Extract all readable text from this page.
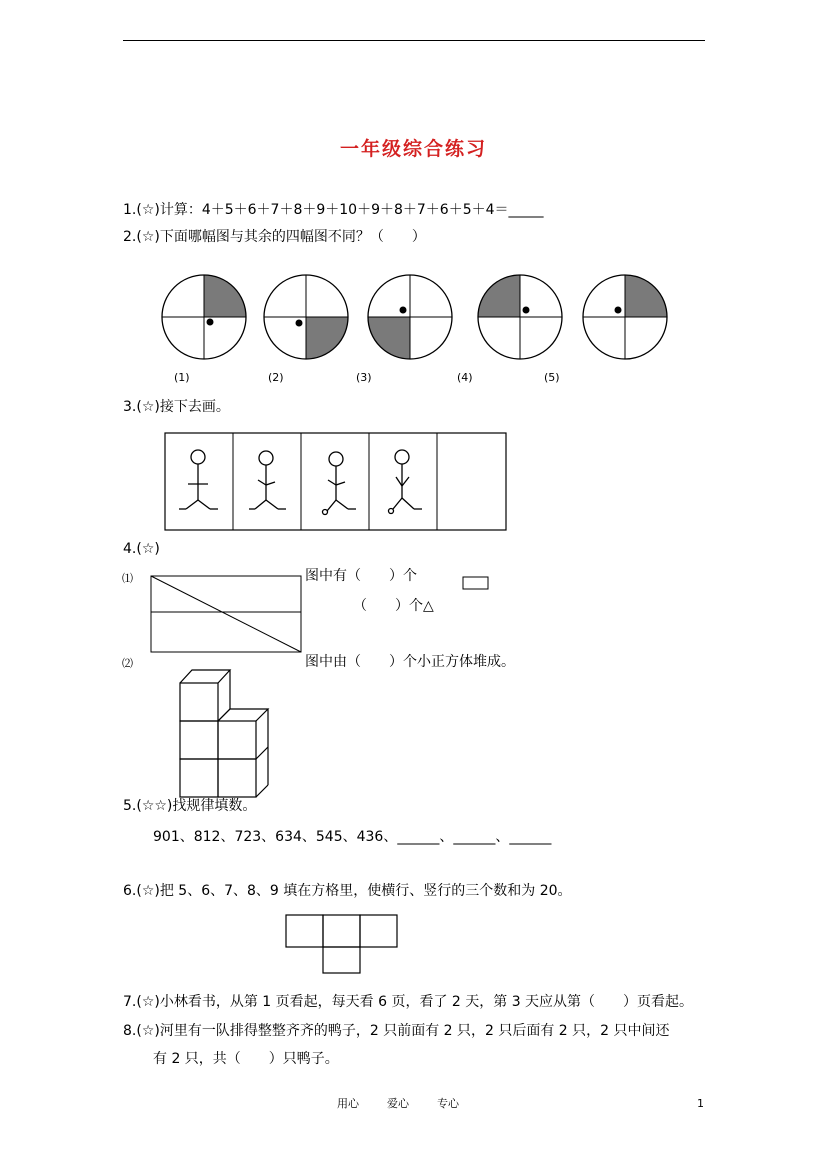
一年级综合练习
1.(☆)计算：4＋5＋6＋7＋8＋9＋10＋9＋8＋7＋6＋5＋4＝_____
2.(☆)下面哪幅图与其余的四幅图不同？（　　）
(1)	(2)	(3)	(4)	(5)
3.(☆)接下去画。
4.(☆)
⑴	图中有（　　）个
（　　）个△
⑵	图中由（　　）个小正方体堆成。
5.(☆☆)找规律填数。
901、812、723、634、545、436、______、______、______
6.(☆)把 5、6、7、8、9 填在方格里，使横行、竖行的三个数和为 20。
7.(☆)小林看书，从第 1 页看起，每天看 6 页，看了 2 天，第 3 天应从第（　　）页看起。
8.(☆)河里有一队排得整整齐齐的鸭子，2 只前面有 2 只，2 只后面有 2 只，2 只中间还
有 2 只，共（　　）只鸭子。
用心	爱心	专心	1
